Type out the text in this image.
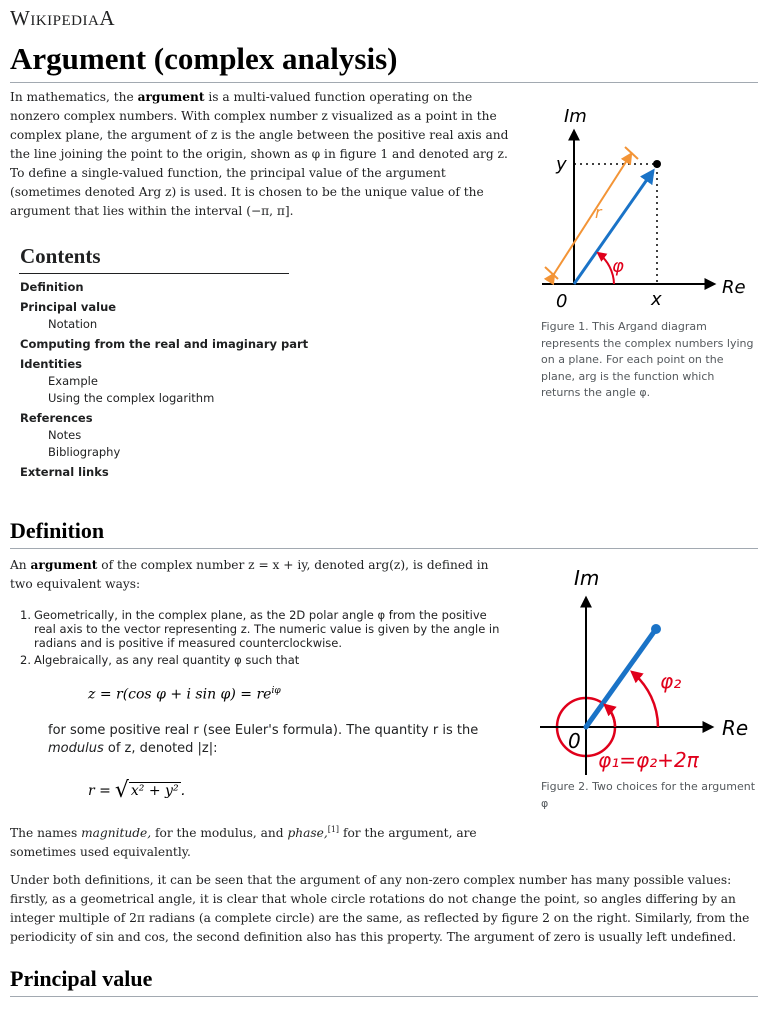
WikipediaA
Argument (complex analysis)
In mathematics, the argument is a multi-valued function operating on the nonzero complex numbers. With complex number z visualized as a point in the complex plane, the argument of z is the angle between the positive real axis and the line joining the point to the origin, shown as φ in figure 1 and denoted arg z. To define a single-valued function, the principal value of the argument (sometimes denoted Arg z) is used. It is chosen to be the unique value of the argument that lies within the interval (−π, π].
Im
Re
0	x
y
r
φ
Figure 1. This Argand diagram represents the complex numbers lying on a plane. For each point on the plane, arg is the function which returns the angle φ.
Contents
Definition
Principal value
Notation
Computing from the real and imaginary part
Identities
Example
Using the complex logarithm
References
Notes
Bibliography
External links
Definition
An argument of the complex number z = x + iy, denoted arg(z), is defined in two equivalent ways:
1. Geometrically, in the complex plane, as the 2D polar angle φ from the positive real axis to the vector representing z. The numeric value is given by the angle in radians and is positive if measured counterclockwise.
2. Algebraically, as any real quantity φ such that
z = r(cos φ + i $\sin \varphi) = re^{i\varphi}$
for some positive real r (see Euler's formula). The quantity r is the modulus of z, denoted |z|:
r = √ x² + y² .
The names magnitude, for the modulus, and phase,[1] for the argument, are sometimes used equivalently.
Under both definitions, it can be seen that the argument of any non-zero complex number has many possible values: firstly, as a geometrical angle, it is clear that whole circle rotations do not change the point, so angles differing by an integer multiple of 2π radians (a complete circle) are the same, as reflected by figure 2 on the right. Similarly, from the periodicity of sin and cos, the second definition also has this property. The argument of zero is usually left undefined.
Im
Re
0
φ₂
φ₁=φ₂+2π
Figure 2. Two choices for the argument φ
Principal value
